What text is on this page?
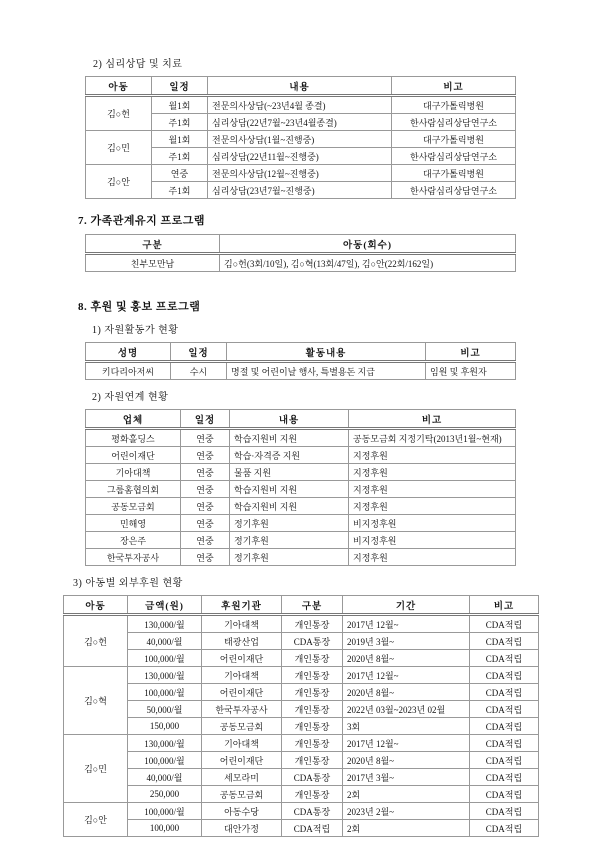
2) 심리상담 및 치료

아동	일정	내용	비고
김○헌	월1회	전문의사상담(~23년4월 종결)	대구가톨릭병원
	주1회	심리상담(22년7월~23년4월종결)	한사람심리상담연구소
김○민	월1회	전문의사상담(1월~진행중)	대구가톨릭병원
	주1회	심리상담(22년11월~진행중)	한사람심리상담연구소
김○안	연중	전문의사상담(12월~진행중)	대구가톨릭병원
	주1회	심리상담(23년7월~진행중)	한사람심리상담연구소

7. 가족관계유지 프로그램

구분	아동(회수)
친부모만남	김○헌(3회/10일), 김○혁(13회/47일), 김○안(22회/162일)

8. 후원 및 홍보 프로그램

1) 자원활동가 현황

성명	일정	활동내용	비고
키다리아저씨	수시	명절 및 어린이날 행사, 특별용돈 지급	임원 및 후원자

2) 자원연계 현황

업체	일정	내용	비고
평화홀딩스	연중	학습지원비 지원	공동모금회 지정기탁(2013년1월~현재)
어린이재단	연중	학습·자격증 지원	지정후원
기아대책	연중	물품 지원	지정후원
그룹홈협의회	연중	학습지원비 지원	지정후원
공동모금회	연중	학습지원비 지원	지정후원
민해영	연중	정기후원	비지정후원
장은주	연중	정기후원	비지정후원
한국투자공사	연중	정기후원	지정후원

3) 아동별 외부후원 현황

아동	금액(원)	후원기관	구분	기간	비고
김○헌	130,000/월	기아대책	개인통장	2017년 12월~	CDA적립
	40,000/월	태광산업	CDA통장	2019년 3월~	CDA적립
	100,000/월	어린이재단	개인통장	2020년 8월~	CDA적립
김○혁	130,000/월	기아대책	개인통장	2017년 12월~	CDA적립
	100,000/월	어린이재단	개인통장	2020년 8월~	CDA적립
	50,000/월	한국투자공사	개인통장	2022년 03월~2023년 02월	CDA적립
	150,000	공동모금회	개인통장	3회	CDA적립
김○민	130,000/월	기아대책	개인통장	2017년 12월~	CDA적립
	100,000/월	어린이재단	개인통장	2020년 8월~	CDA적립
	40,000/월	세모라미	CDA통장	2017년 3월~	CDA적립
	250,000	공동모금회	개인통장	2회	CDA적립
김○안	100,000/월	아동수당	CDA통장	2023년 2월~	CDA적립
	100,000	대안가정	CDA적립	2회	CDA적립
